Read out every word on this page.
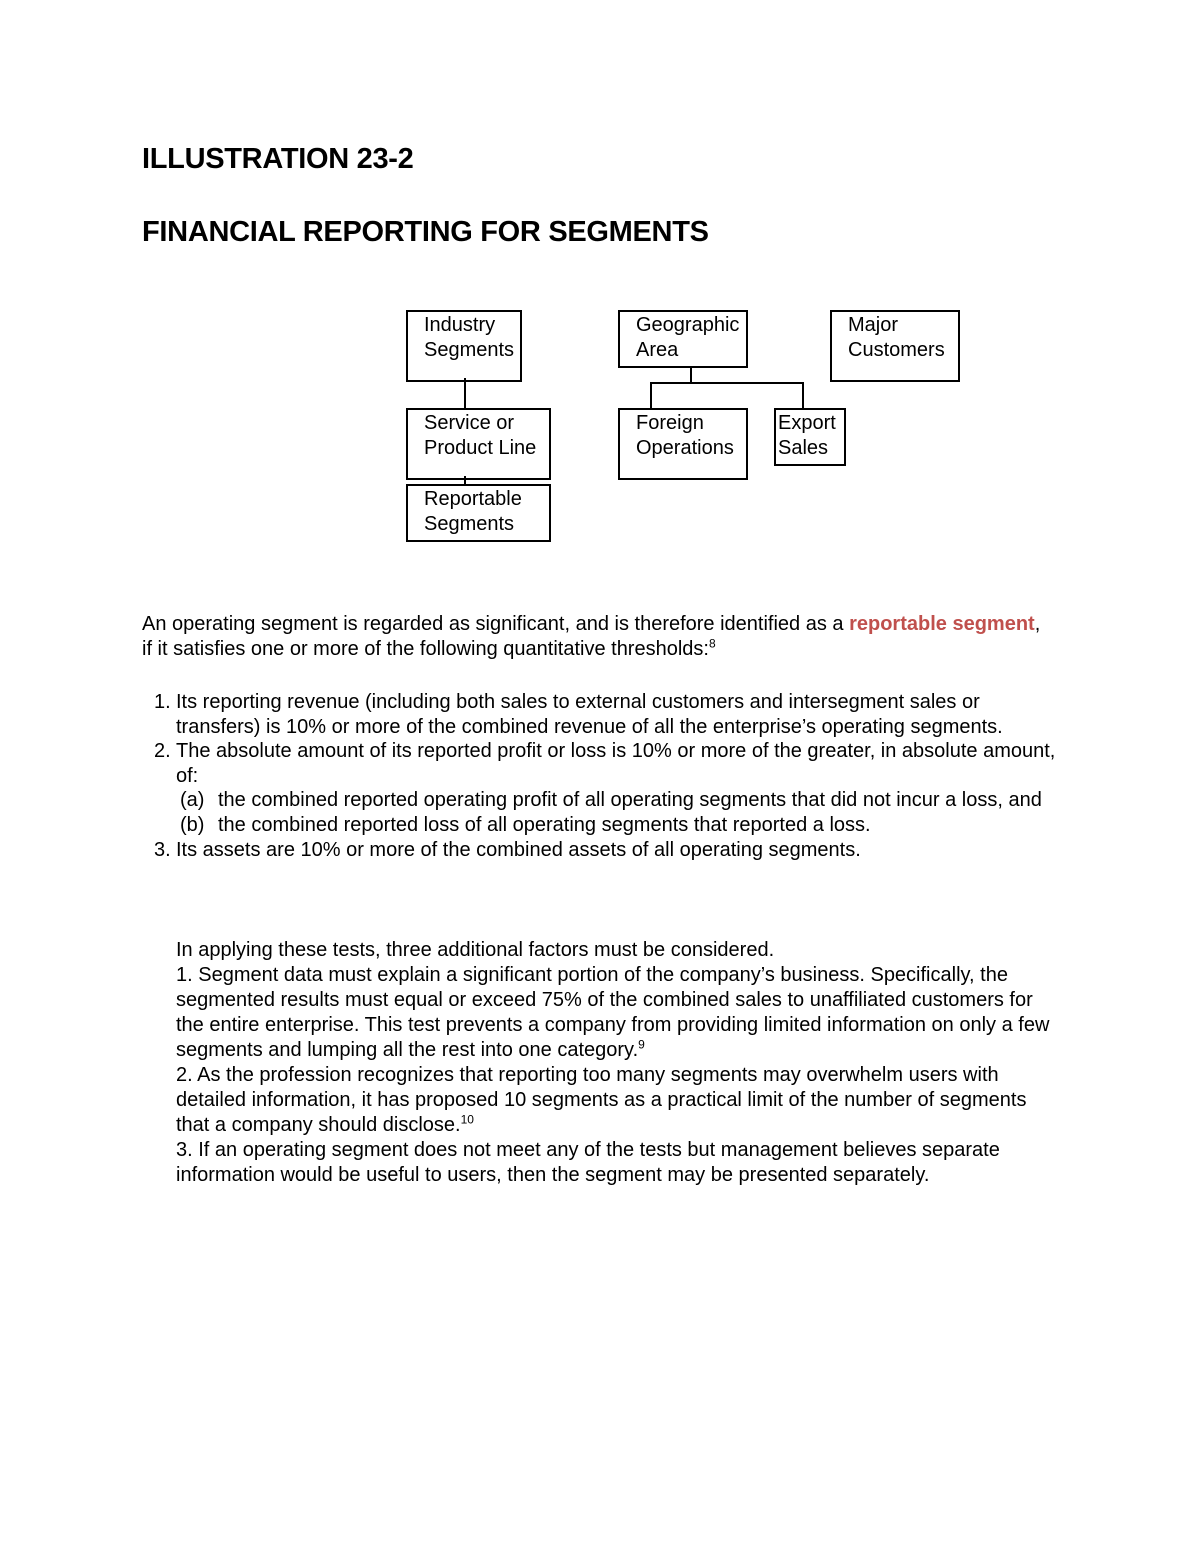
ILLUSTRATION 23-2
FINANCIAL REPORTING FOR SEGMENTS
Industry
Segments
Geographic
Area
Major
Customers
Service or
Product Line
Foreign
Operations
Export
Sales
Reportable
Segments
An operating segment is regarded as significant, and is therefore identified as a reportable segment, if it satisfies one or more of the following quantitative thresholds:$^8$
1. Its reporting revenue (including both sales to external customers and intersegment sales or transfers) is 10% or more of the combined revenue of all the enterprise’s operating segments.
2. The absolute amount of its reported profit or loss is 10% or more of the greater, in absolute amount, of:
(a) the combined reported operating profit of all operating segments that did not incur a loss, and
(b) the combined reported loss of all operating segments that reported a loss.
3. Its assets are 10% or more of the combined assets of all operating segments.
In applying these tests, three additional factors must be considered.
1. Segment data must explain a significant portion of the company’s business. Specifically, the segmented results must equal or exceed 75% of the combined sales to unaffiliated customers for the entire enterprise. This test prevents a company from providing limited information on only a few segments and lumping all the rest into one category.$^9$
2. As the profession recognizes that reporting too many segments may overwhelm users with detailed information, it has proposed 10 segments as a practical limit of the number of segments that a company should disclose.$^{10}$
3. If an operating segment does not meet any of the tests but management believes separate information would be useful to users, then the segment may be presented separately.
